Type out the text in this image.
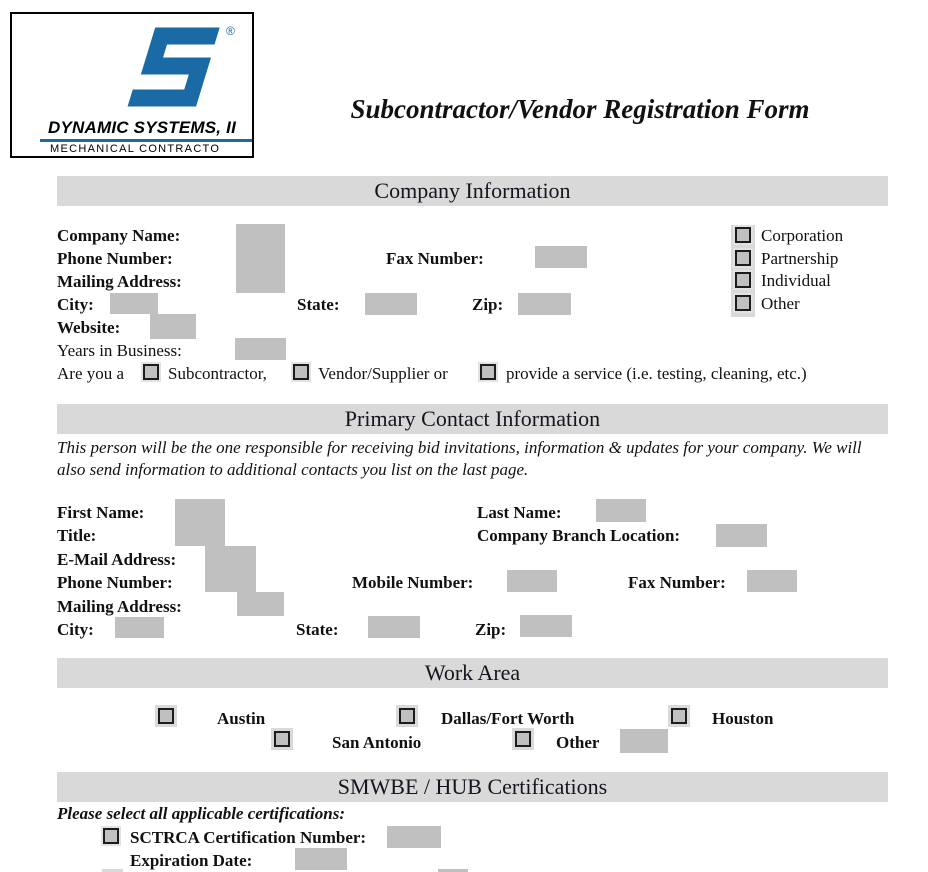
®
DYNAMIC SYSTEMS, II
MECHANICAL CONTRACTO
Subcontractor/Vendor Registration Form
Company Information
Company Name:
Phone Number:	Fax Number:
Mailing Address:
City:	State:	Zip:
Website:
Years in Business:
Corporation
Partnership
Individual
Other
Are you a	Subcontractor,	Vendor/Supplier or	provide a service (i.e. testing, cleaning, etc.)
Primary Contact Information
This person will be the one responsible for receiving bid invitations, information & updates for your company. We will also send information to additional contacts you list on the last page.
First Name:	Last Name:
Title:	Company Branch Location:
E-Mail Address:
Phone Number:	Mobile Number:	Fax Number:
Mailing Address:
City:	State:	Zip:
Work Area
Austin	Dallas/Fort Worth	Houston
San Antonio	Other
SMWBE / HUB Certifications
Please select all applicable certifications:
SCTRCA Certification Number:
Expiration Date:
